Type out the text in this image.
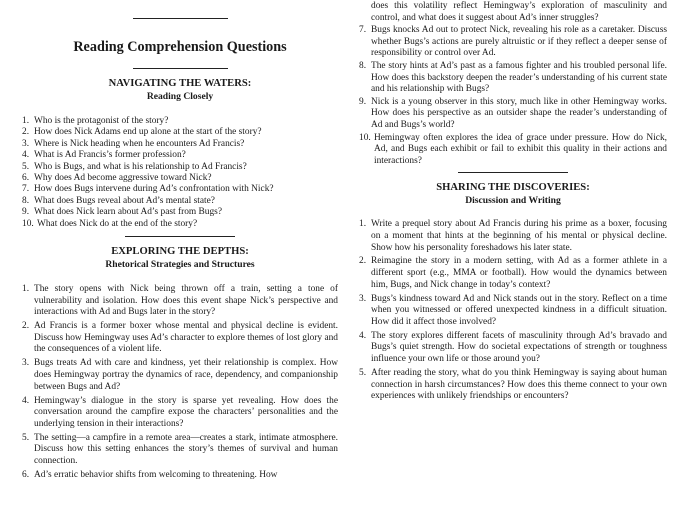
Reading Comprehension Questions
NAVIGATING THE WATERS:
Reading Closely
1. Who is the protagonist of the story?
2. How does Nick Adams end up alone at the start of the story?
3. Where is Nick heading when he encounters Ad Francis?
4. What is Ad Francis’s former profession?
5. Who is Bugs, and what is his relationship to Ad Francis?
6. Why does Ad become aggressive toward Nick?
7. How does Bugs intervene during Ad’s confrontation with Nick?
8. What does Bugs reveal about Ad’s mental state?
9. What does Nick learn about Ad’s past from Bugs?
10. What does Nick do at the end of the story?
EXPLORING THE DEPTHS:
Rhetorical Strategies and Structures
1. The story opens with Nick being thrown off a train, setting a tone of vulnerability and isolation. How does this event shape Nick’s perspective and interactions with Ad and Bugs later in the story?
2. Ad Francis is a former boxer whose mental and physical decline is evident. Discuss how Hemingway uses Ad’s character to explore themes of lost glory and the consequences of a violent life.
3. Bugs treats Ad with care and kindness, yet their relationship is complex. How does Hemingway portray the dynamics of race, dependency, and companionship between Bugs and Ad?
4. Hemingway’s dialogue in the story is sparse yet revealing. How does the conversation around the campfire expose the characters’ personalities and the underlying tension in their interactions?
5. The setting—a campfire in a remote area—creates a stark, intimate atmosphere. Discuss how this setting enhances the story’s themes of survival and human connection.
6. Ad’s erratic behavior shifts from welcoming to threatening. How

does this volatility reflect Hemingway’s exploration of masculinity and control, and what does it suggest about Ad’s inner struggles?

7. Bugs knocks Ad out to protect Nick, revealing his role as a caretaker. Discuss whether Bugs’s actions are purely altruistic or if they reflect a deeper sense of responsibility or control over Ad.
8. The story hints at Ad’s past as a famous fighter and his troubled personal life. How does this backstory deepen the reader’s understanding of his current state and his relationship with Bugs?
9. Nick is a young observer in this story, much like in other Hemingway works. How does his perspective as an outsider shape the reader’s understanding of Ad and Bugs’s world?
10. Hemingway often explores the idea of grace under pressure. How do Nick, Ad, and Bugs each exhibit or fail to exhibit this quality in their actions and interactions?
SHARING THE DISCOVERIES:
Discussion and Writing
1. Write a prequel story about Ad Francis during his prime as a boxer, focusing on a moment that hints at the beginning of his mental or physical decline. Show how his personality foreshadows his later state.
2. Reimagine the story in a modern setting, with Ad as a former athlete in a different sport (e.g., MMA or football). How would the dynamics between him, Bugs, and Nick change in today’s context?
3. Bugs’s kindness toward Ad and Nick stands out in the story. Reflect on a time when you witnessed or offered unexpected kindness in a difficult situation. How did it affect those involved?
4. The story explores different facets of masculinity through Ad’s bravado and Bugs’s quiet strength. How do societal expectations of strength or toughness influence your own life or those around you?
5. After reading the story, what do you think Hemingway is saying about human connection in harsh circumstances? How does this theme connect to your own experiences with unlikely friendships or encounters?
